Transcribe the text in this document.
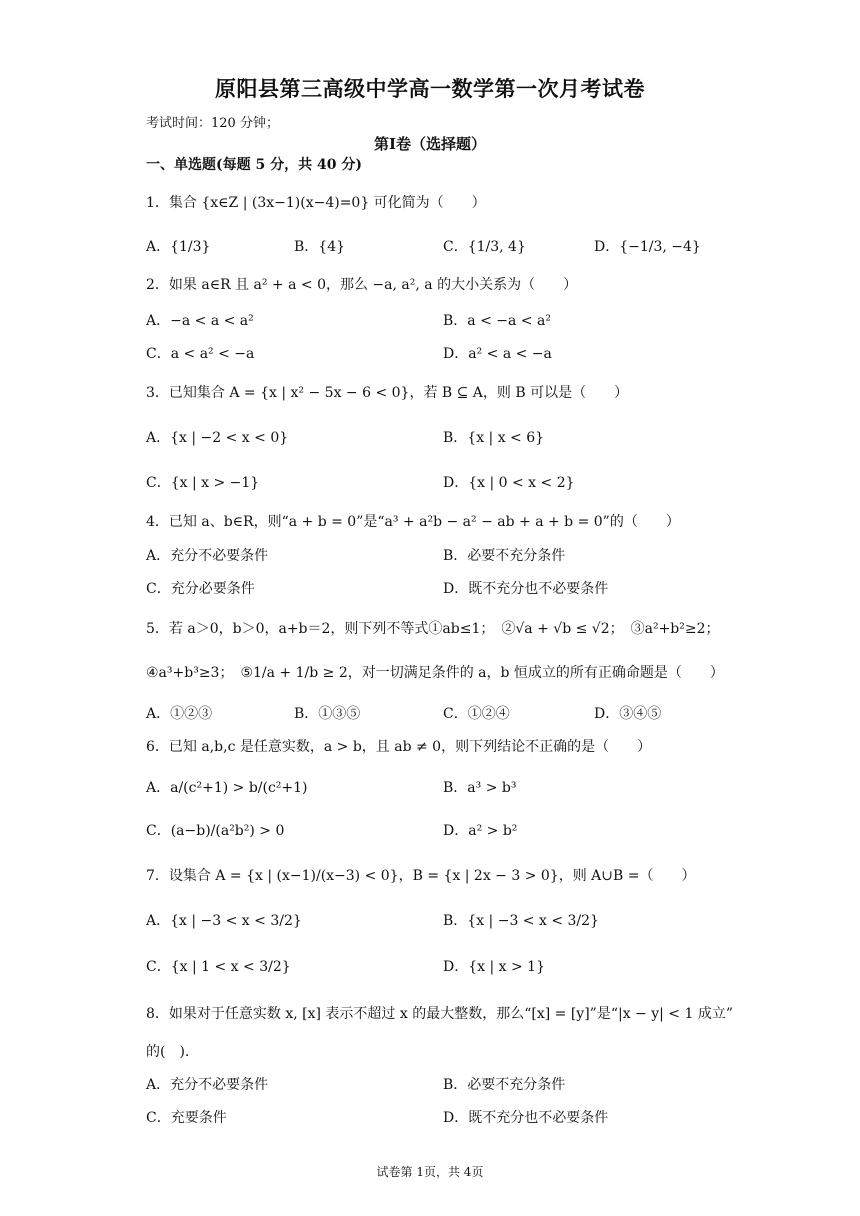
原阳县第三高级中学高一数学第一次月考试卷
考试时间：120 分钟；
第Ⅰ卷（选择题）
一、单选题(每题 5 分，共 40 分)
1．集合 {x∈Z | (3x−1)(x−4)=0} 可化简为（　　）
A．{1/3}	B．{4}	C．{1/3, 4}	D．{−1/3, −4}
2．如果 a∈R 且 a² + a < 0，那么 −a, a², a 的大小关系为（　　）
A．−a < a < a²	B．a < −a < a²
C．a < a² < −a	D．a² < a < −a
3．已知集合 A = {x | x² − 5x − 6 < 0}，若 B ⊆ A，则 B 可以是（　　）
A．{x | −2 < x < 0}	B．{x | x < 6}
C．{x | x > −1}	D．{x | 0 < x < 2}
4．已知 a、b∈R，则“a + b = 0”是“a³ + a²b − a² − ab + a + b = 0”的（　　）
A．充分不必要条件	B．必要不充分条件
C．充分必要条件	D．既不充分也不必要条件
5．若 a＞0，b＞0，a+b＝2，则下列不等式①ab≤1；　②√a + √b ≤ √2；　③a²+b²≥2；
④a³+b³≥3；　⑤1/a + 1/b ≥ 2，对一切满足条件的 a，b 恒成立的所有正确命题是（　　）
A．①②③	B．①③⑤	C．①②④	D．③④⑤
6．已知 a,b,c 是任意实数，a > b，且 ab ≠ 0，则下列结论不正确的是（　　）
A．a/(c²+1) > b/(c²+1)	B．a³ > b³
C．(a−b)/(a²b²) > 0	D．a² > b²
7．设集合 A = {x | (x−1)/(x−3) < 0}，B = {x | 2x − 3 > 0}，则 A∪B =（　　）
A．{x | −3 < x < 3/2}	B．{x | −3 < x < 3/2}
C．{x | 1 < x < 3/2}	D．{x | x > 1}
8．如果对于任意实数 x, [x] 表示不超过 x 的最大整数，那么“[x] = [y]”是“|x − y| < 1 成立”
的(　).
A．充分不必要条件	B．必要不充分条件
C．充要条件	D．既不充分也不必要条件
试卷第 1页，共 4页
